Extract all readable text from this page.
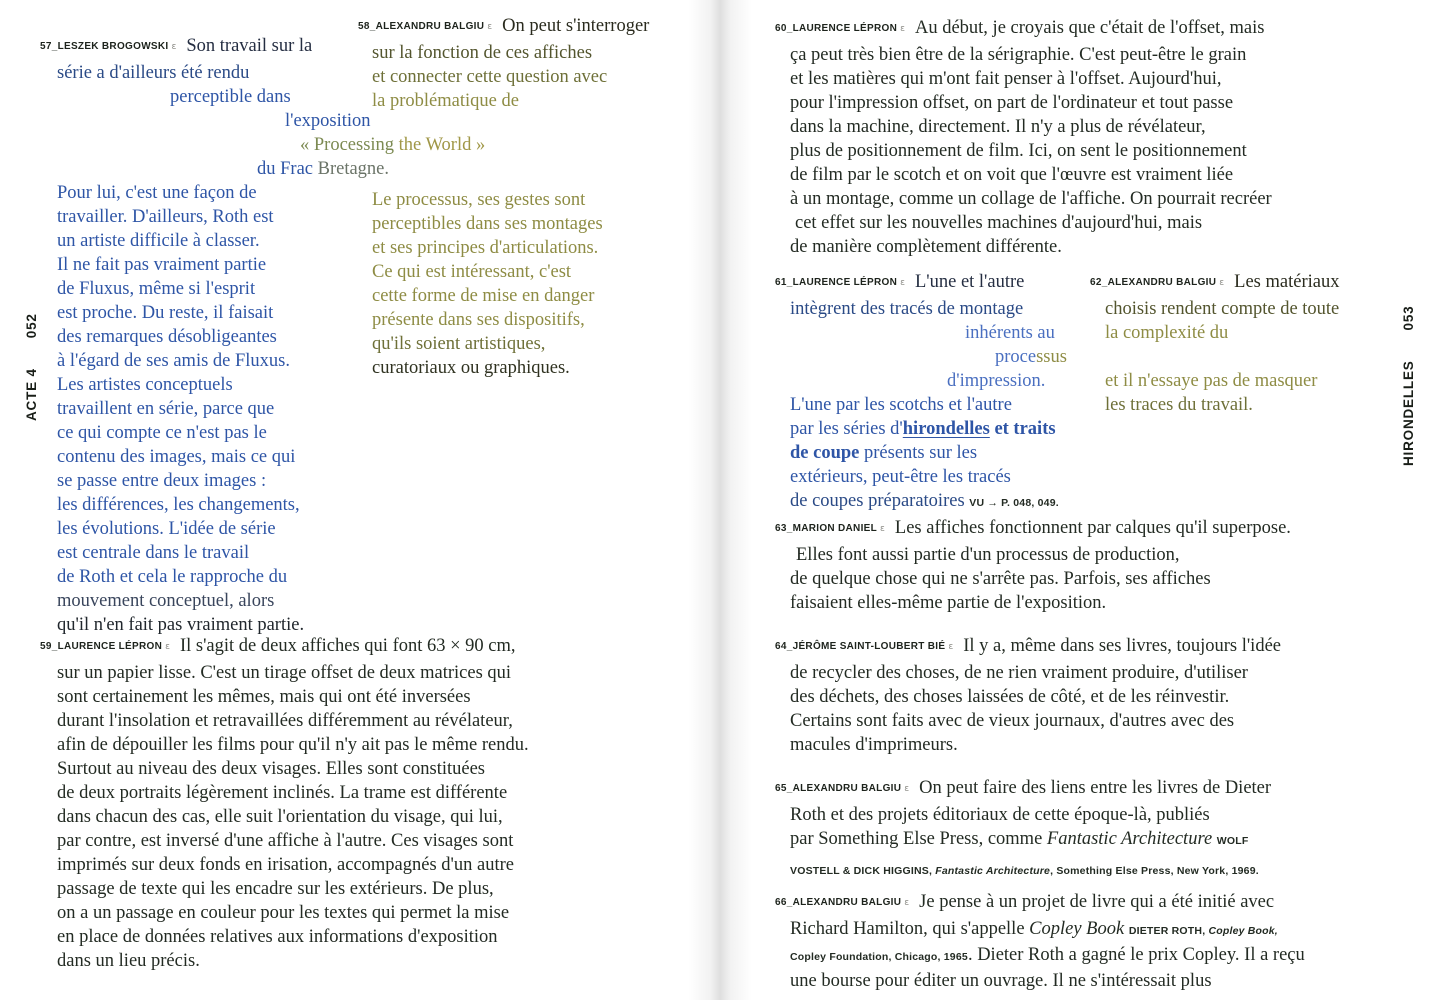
ACTE 4052
HIRONDELLES053
57_LESZEK BROGOWSKI ε Son travail sur la
série a d'ailleurs été rendu
perceptible dans
l'exposition
« Processing the World »
du Frac Bretagne.
Pour lui, c'est une façon de
travailler. D'ailleurs, Roth est
un artiste difficile à classer.
Il ne fait pas vraiment partie
de Fluxus, même si l'esprit
est proche. Du reste, il faisait
des remarques désobligeantes
à l'égard de ses amis de Fluxus.
Les artistes conceptuels
travaillent en série, parce que
ce qui compte ce n'est pas le
contenu des images, mais ce qui
se passe entre deux images :
les différences, les changements,
les évolutions. L'idée de série
est centrale dans le travail
de Roth et cela le rapproche du
mouvement conceptuel, alors
qu'il n'en fait pas vraiment partie.
58_ALEXANDRU BALGIU ε On peut s'interroger
sur la fonction de ces affiches
et connecter cette question avec
la problématique de
Le processus, ses gestes sont
perceptibles dans ses montages
et ses principes d'articulations.
Ce qui est intéressant, c'est
cette forme de mise en danger
présente dans ses dispositifs,
qu'ils soient artistiques,
curatoriaux ou graphiques.
59_LAURENCE LÉPRON ε Il s'agit de deux affiches qui font 63 × 90 cm,
sur un papier lisse. C'est un tirage offset de deux matrices qui
sont certainement les mêmes, mais qui ont été inversées
durant l'insolation et retravaillées différemment au révélateur,
afin de dépouiller les films pour qu'il n'y ait pas le même rendu.
Surtout au niveau des deux visages. Elles sont constituées
de deux portraits légèrement inclinés. La trame est différente
dans chacun des cas, elle suit l'orientation du visage, qui lui,
par contre, est inversé d'une affiche à l'autre. Ces visages sont
imprimés sur deux fonds en irisation, accompagnés d'un autre
passage de texte qui les encadre sur les extérieurs. De plus,
on a un passage en couleur pour les textes qui permet la mise
en place de données relatives aux informations d'exposition
dans un lieu précis.
60_LAURENCE LÉPRON ε Au début, je croyais que c'était de l'offset, mais
ça peut très bien être de la sérigraphie. C'est peut-être le grain
et les matières qui m'ont fait penser à l'offset. Aujourd'hui,
pour l'impression offset, on part de l'ordinateur et tout passe
dans la machine, directement. Il n'y a plus de révélateur,
plus de positionnement de film. Ici, on sent le positionnement
de film par le scotch et on voit que l'œuvre est vraiment liée
à un montage, comme un collage de l'affiche. On pourrait recréer
cet effet sur les nouvelles machines d'aujourd'hui, mais
de manière complètement différente.
61_LAURENCE LÉPRON ε L'une et l'autre
intègrent des tracés de montage
inhérents au
processus
d'impression.
L'une par les scotchs et l'autre
par les séries d'hirondelles et traits
de coupe présents sur les
extérieurs, peut-être les tracés
de coupes préparatoires VU → P. 048, 049.
62_ALEXANDRU BALGIU ε Les matériaux
choisis rendent compte de toute
la complexité du
et il n'essaye pas de masquer
les traces du travail.
63_MARION DANIEL ε Les affiches fonctionnent par calques qu'il superpose.
Elles font aussi partie d'un processus de production,
de quelque chose qui ne s'arrête pas. Parfois, ses affiches
faisaient elles-même partie de l'exposition.
64_JÉRÔME SAINT-LOUBERT BIÉ ε Il y a, même dans ses livres, toujours l'idée
de recycler des choses, de ne rien vraiment produire, d'utiliser
des déchets, des choses laissées de côté, et de les réinvestir.
Certains sont faits avec de vieux journaux, d'autres avec des
macules d'imprimeurs.
65_ALEXANDRU BALGIU ε On peut faire des liens entre les livres de Dieter
Roth et des projets éditoriaux de cette époque-là, publiés
par Something Else Press, comme Fantastic Architecture WOLF
VOSTELL & DICK HIGGINS, Fantastic Architecture, Something Else Press, New York, 1969.
66_ALEXANDRU BALGIU ε Je pense à un projet de livre qui a été initié avec
Richard Hamilton, qui s'appelle Copley Book DIETER ROTH, Copley Book,
Copley Foundation, Chicago, 1965. Dieter Roth a gagné le prix Copley. Il a reçu
une bourse pour éditer un ouvrage. Il ne s'intéressait plus
